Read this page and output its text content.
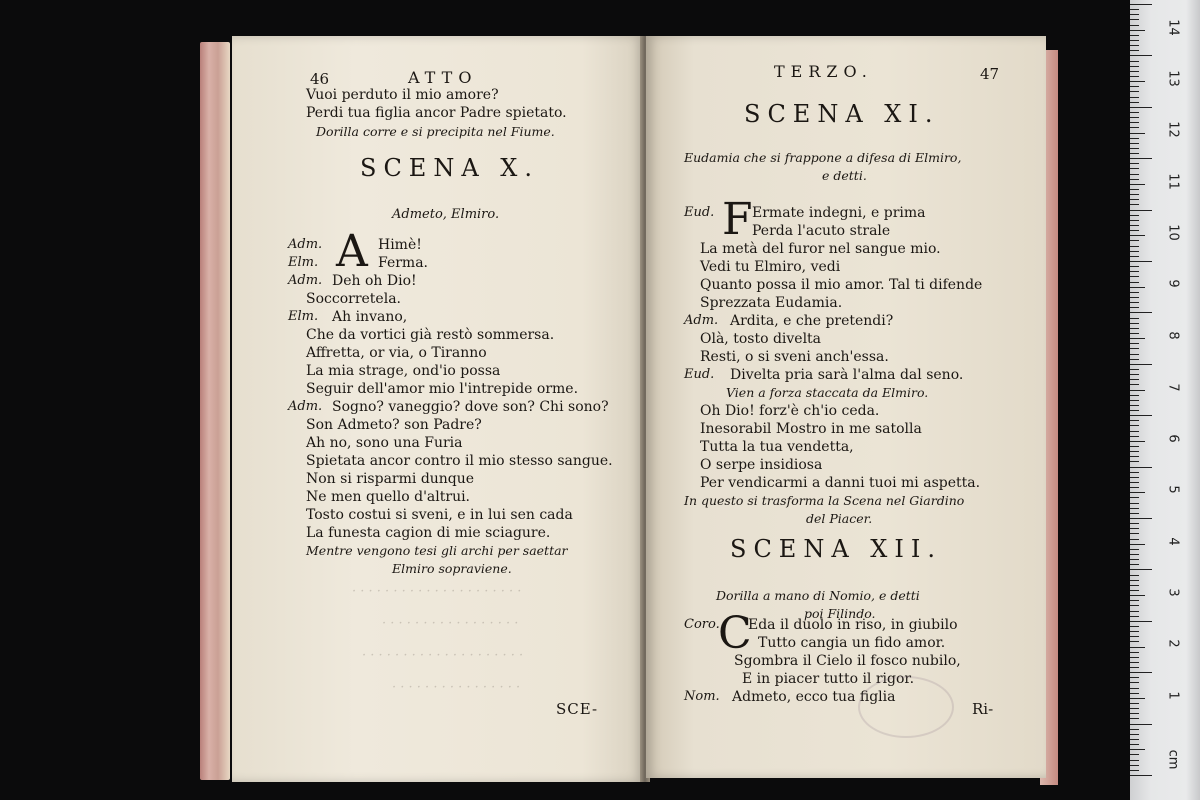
46	ATTO
Vuoi perduto il mio amore?
Perdi tua figlia ancor Padre spietato.
Dorilla corre e si precipita nel Fiume.
SCENA X.
Admeto, Elmiro.
A
Adm.	Himè!
Elm.	Ferma.
Adm. Deh oh Dio!
Soccorretela.
Elm. Ah invano,
Che da vortici già restò sommersa.
Affretta, or via, o Tiranno
La mia strage, ond'io possa
Seguir dell'amor mio l'intrepide orme.
Adm. Sogno? vaneggio? dove son? Chi sono?
Son Admeto? son Padre?
Ah no, sono una Furia
Spietata ancor contro il mio stesso sangue.
Non si risparmi dunque
Ne men quello d'altrui.
Tosto costui si sveni, e in lui sen cada
La funesta cagion di mie sciagure.
Mentre vengono tesi gli archi per saettar
Elmiro sopraviene.
· · · · · · · · · · · · · · · · · · · · ·
· · · · · · · · · · · · · · · · ·
· · · · · · · · · · · · · · · · · · · ·
· · · · · · · · · · · · · · · ·
SCE-
TERZO.	47
SCENA XI.
Eudamia che si frappone a difesa di Elmiro,
e detti.
F
Eud.	Ermate indegni, e prima
Perda l'acuto strale
La metà del furor nel sangue mio.
Vedi tu Elmiro, vedi
Quanto possa il mio amor. Tal ti difende
Sprezzata Eudamia.
Adm. Ardita, e che pretendi?
Olà, tosto divelta
Resti, o si sveni anch'essa.
Eud. Divelta pria sarà l'alma dal seno.
Vien a forza staccata da Elmiro.
Oh Dio! forz'è ch'io ceda.
Inesorabil Mostro in me satolla
Tutta la tua vendetta,
O serpe insidiosa
Per vendicarmi a danni tuoi mi aspetta.
In questo si trasforma la Scena nel Giardino
del Piacer.
SCENA XII.
Dorilla a mano di Nomio, e detti
poi Filindo.
C
Coro. Eda il duolo in riso, in giubilo
Tutto cangia un fido amor.
Sgombra il Cielo il fosco nubilo,
E in piacer tutto il rigor.
Nom. Admeto, ecco tua figlia
Ri-
14
13
12
11
10
9
8
7
6
5
4
3
2
1
cm
